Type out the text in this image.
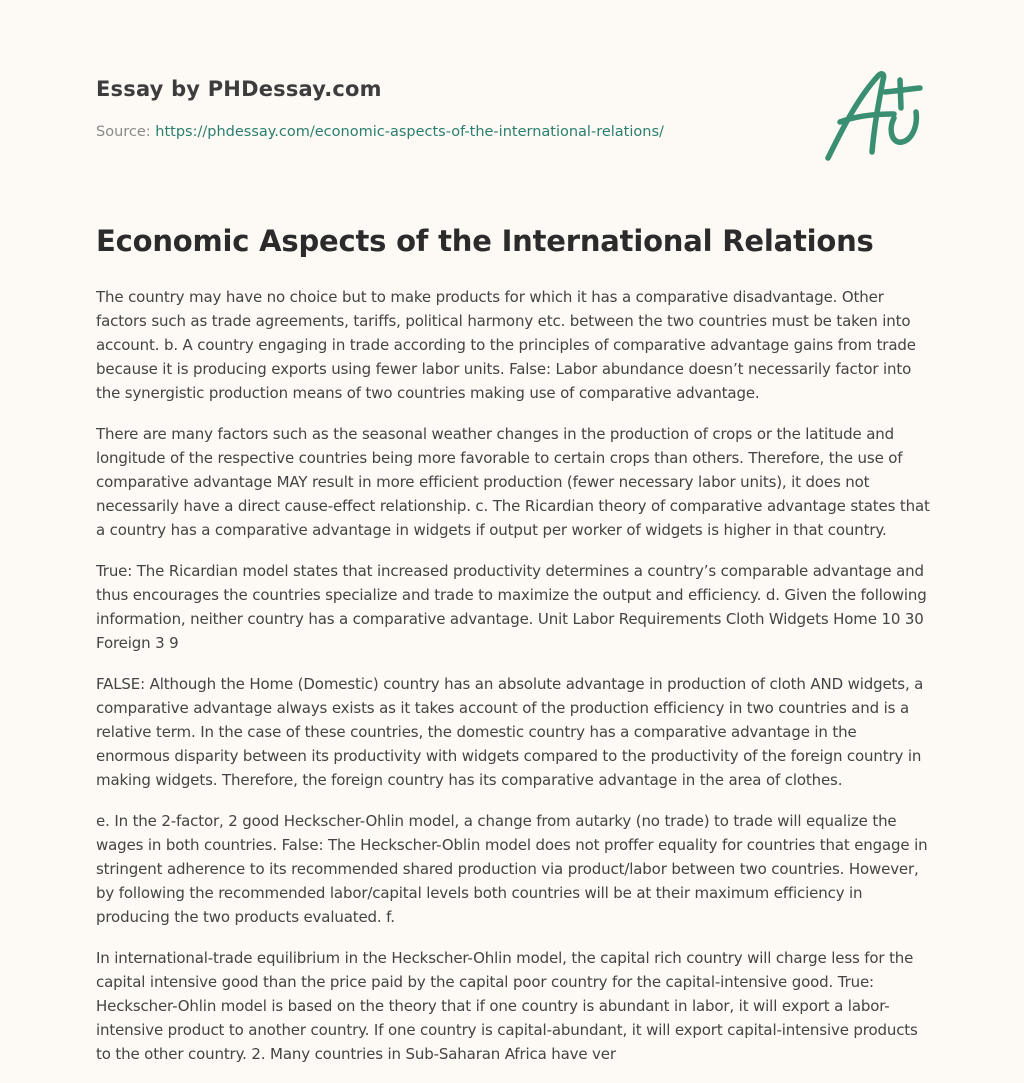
Essay by PHDessay.com
Source: https://phdessay.com/economic-aspects-of-the-international-relations/
Economic Aspects of the International Relations

The country may have no choice but to make products for which it has a comparative disadvantage. Other factors such as trade agreements, tariffs, political harmony etc. between the two countries must be taken into account. b. A country engaging in trade according to the principles of comparative advantage gains from trade because it is producing exports using fewer labor units. False: Labor abundance doesn’t necessarily factor into the synergistic production means of two countries making use of comparative advantage.

There are many factors such as the seasonal weather changes in the production of crops or the latitude and longitude of the respective countries being more favorable to certain crops than others. Therefore, the use of comparative advantage MAY result in more efficient production (fewer necessary labor units), it does not necessarily have a direct cause-effect relationship. c. The Ricardian theory of comparative advantage states that a country has a comparative advantage in widgets if output per worker of widgets is higher in that country.

True: The Ricardian model states that increased productivity determines a country’s comparable advantage and thus encourages the countries specialize and trade to maximize the output and efficiency. d. Given the following information, neither country has a comparative advantage. Unit Labor Requirements Cloth Widgets Home 10 30 Foreign 3 9

FALSE: Although the Home (Domestic) country has an absolute advantage in production of cloth AND widgets, a comparative advantage always exists as it takes account of the production efficiency in two countries and is a relative term. In the case of these countries, the domestic country has a comparative advantage in the enormous disparity between its productivity with widgets compared to the productivity of the foreign country in making widgets. Therefore, the foreign country has its comparative advantage in the area of clothes.

e. In the 2-factor, 2 good Heckscher-Ohlin model, a change from autarky (no trade) to trade will equalize the wages in both countries. False: The Heckscher-Oblin model does not proffer equality for countries that engage in stringent adherence to its recommended shared production via product/labor between two countries. However, by following the recommended labor/capital levels both countries will be at their maximum efficiency in producing the two products evaluated. f.

In international-trade equilibrium in the Heckscher-Ohlin model, the capital rich country will charge less for the capital intensive good than the price paid by the capital poor country for the capital-intensive good. True: Heckscher-Ohlin model is based on the theory that if one country is abundant in labor, it will export a labor-intensive product to another country. If one country is capital-abundant, it will export capital-intensive products to the other country. 2. Many countries in Sub-Saharan Africa have ver
